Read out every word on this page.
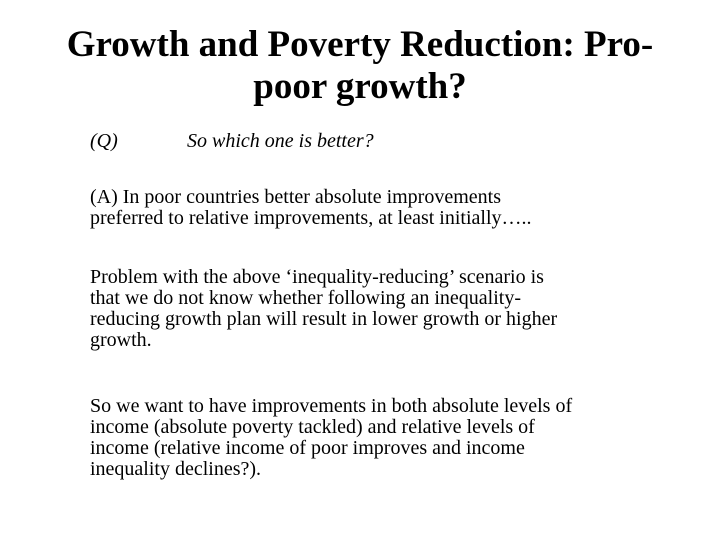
Growth and Poverty Reduction: Pro-
poor growth?
(Q)	So which one is better?
(A) In poor countries better absolute improvements
preferred to relative improvements, at least initially…..
Problem with the above ‘inequality-reducing’ scenario is
that we do not know whether following an inequality-
reducing growth plan will result in lower growth or higher
growth.
So we want to have improvements in both absolute levels of
income (absolute poverty tackled) and relative levels of
income (relative income of poor improves and income
inequality declines?).
